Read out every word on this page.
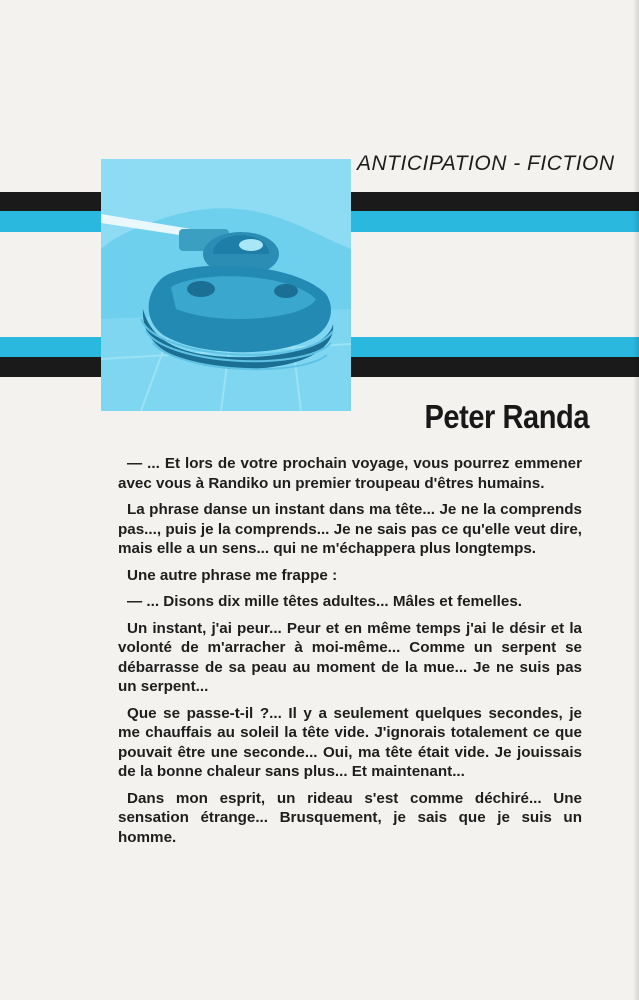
ANTICIPATION - FICTION
Peter Randa

— ... Et lors de votre prochain voyage, vous pourrez emmener avec vous à Randiko un premier troupeau d'êtres humains.

La phrase danse un instant dans ma tête... Je ne la comprends pas..., puis je la comprends... Je ne sais pas ce qu'elle veut dire, mais elle a un sens... qui ne m'échappera plus longtemps.

Une autre phrase me frappe :

— ... Disons dix mille têtes adultes... Mâles et femelles.

Un instant, j'ai peur... Peur et en même temps j'ai le désir et la volonté de m'arracher à moi-même... Comme un serpent se débarrasse de sa peau au moment de la mue... Je ne suis pas un serpent...

Que se passe-t-il ?... Il y a seulement quelques secondes, je me chauffais au soleil la tête vide. J'ignorais totalement ce que pouvait être une seconde... Oui, ma tête était vide. Je jouissais de la bonne chaleur sans plus... Et maintenant...

Dans mon esprit, un rideau s'est comme déchiré... Une sensation étrange... Brusquement, je sais que je suis un homme.
